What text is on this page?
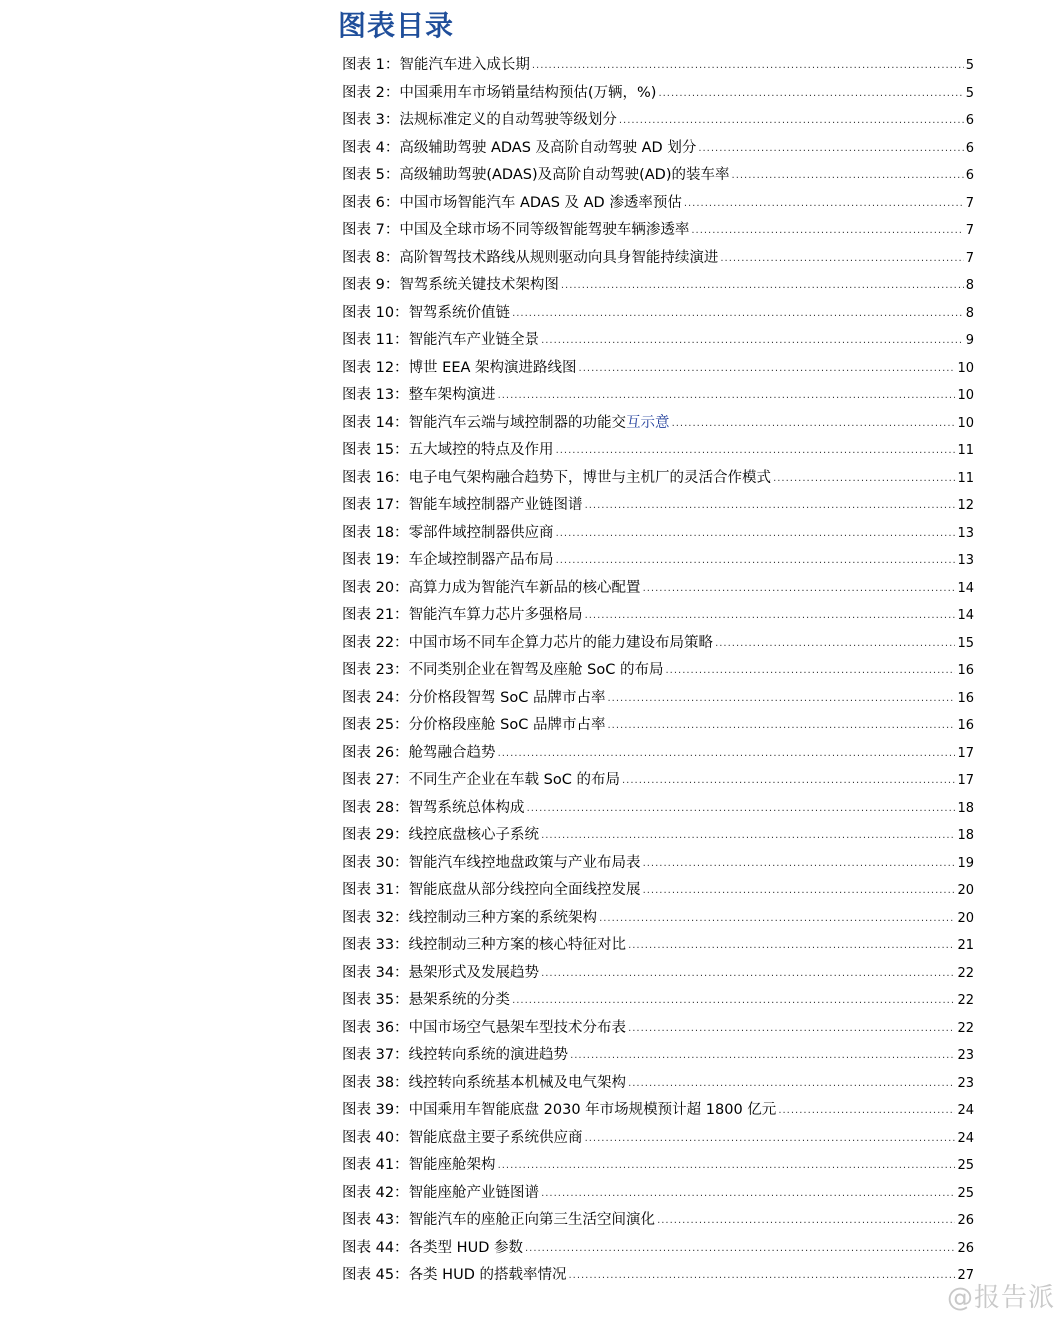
图表目录
图表 1： 智能汽车进入成长期 .....	5
图表 2： 中国乘用车市场销量结构预估(万辆，%) .....	5
图表 3： 法规标准定义的自动驾驶等级划分 .....	6
图表 4： 高级辅助驾驶 ADAS 及高阶自动驾驶 AD 划分 .....	6
图表 5： 高级辅助驾驶(ADAS)及高阶自动驾驶(AD)的装车率 .....	6
图表 6： 中国市场智能汽车 ADAS 及 AD 渗透率预估 .....	7
图表 7： 中国及全球市场不同等级智能驾驶车辆渗透率 .....	7
图表 8： 高阶智驾技术路线从规则驱动向具身智能持续演进 .....	7
图表 9： 智驾系统关键技术架构图 .....	8
图表 10： 智驾系统价值链 .....	8
图表 11： 智能汽车产业链全景 .....	9
图表 12： 博世 EEA 架构演进路线图 .....	10
图表 13： 整车架构演进 .....	10
图表 14： 智能汽车云端与域控制器的功能交互示意 .....	10
图表 15： 五大域控的特点及作用 .....	11
图表 16： 电子电气架构融合趋势下，博世与主机厂的灵活合作模式 .....	11
图表 17： 智能车域控制器产业链图谱 .....	12
图表 18： 零部件域控制器供应商 .....	13
图表 19： 车企域控制器产品布局 .....	13
图表 20： 高算力成为智能汽车新品的核心配置 .....	14
图表 21： 智能汽车算力芯片多强格局 .....	14
图表 22： 中国市场不同车企算力芯片的能力建设布局策略 .....	15
图表 23： 不同类别企业在智驾及座舱 SoC 的布局 .....	16
图表 24： 分价格段智驾 SoC 品牌市占率 .....	16
图表 25： 分价格段座舱 SoC 品牌市占率 .....	16
图表 26： 舱驾融合趋势 .....	17
图表 27： 不同生产企业在车载 SoC 的布局 .....	17
图表 28： 智驾系统总体构成 .....	18
图表 29： 线控底盘核心子系统 .....	18
图表 30： 智能汽车线控地盘政策与产业布局表 .....	19
图表 31： 智能底盘从部分线控向全面线控发展 .....	20
图表 32： 线控制动三种方案的系统架构 .....	20
图表 33： 线控制动三种方案的核心特征对比 .....	21
图表 34： 悬架形式及发展趋势 .....	22
图表 35： 悬架系统的分类 .....	22
图表 36： 中国市场空气悬架车型技术分布表 .....	22
图表 37： 线控转向系统的演进趋势 .....	23
图表 38： 线控转向系统基本机械及电气架构 .....	23
图表 39： 中国乘用车智能底盘 2030 年市场规模预计超 1800 亿元 .....	24
图表 40： 智能底盘主要子系统供应商 .....	24
图表 41： 智能座舱架构 .....	25
图表 42： 智能座舱产业链图谱 .....	25
图表 43： 智能汽车的座舱正向第三生活空间演化 .....	26
图表 44： 各类型 HUD 参数 .....	26
图表 45： 各类 HUD 的搭载率情况 .....	27
@报告派
